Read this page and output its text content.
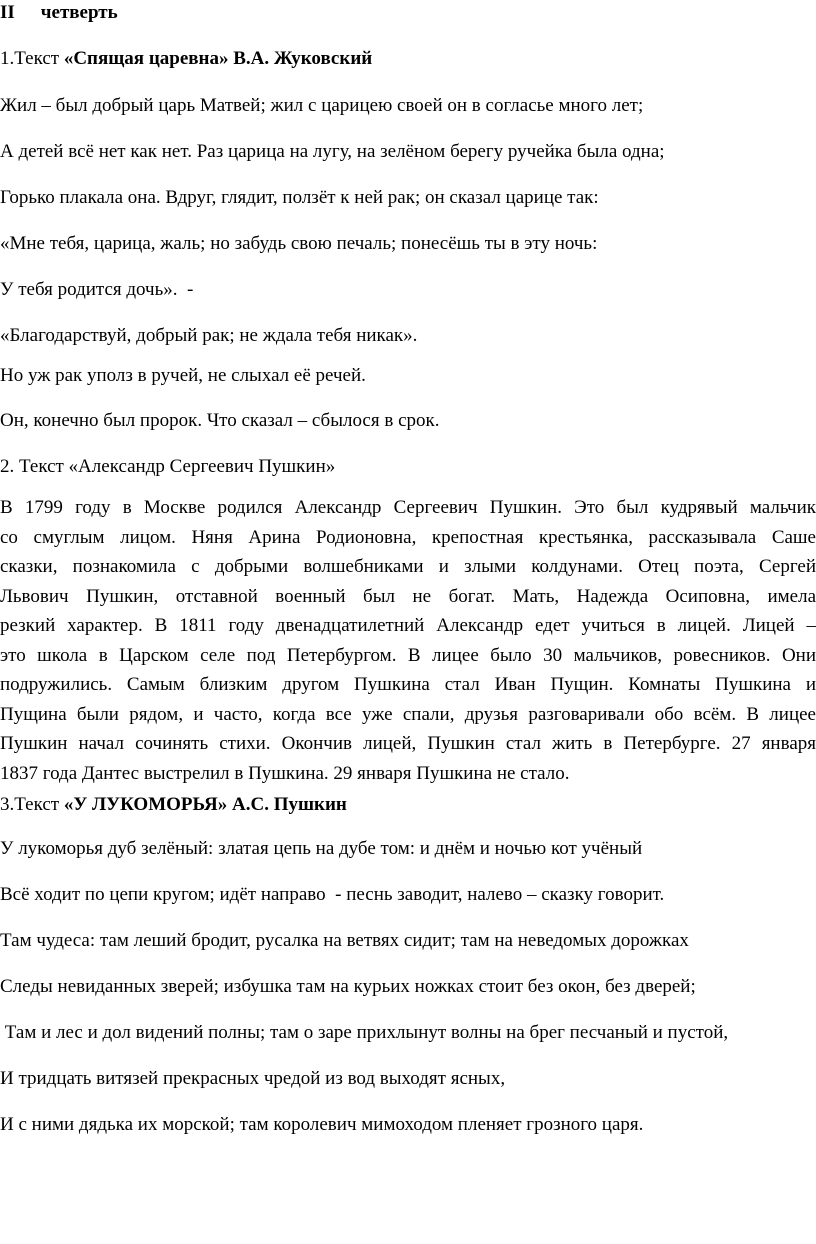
II четверть
1.Текст «Спящая царевна» В.А. Жуковский
Жил – был добрый царь Матвей; жил с царицею своей он в согласье много лет;
А детей всё нет как нет. Раз царица на лугу, на зелёном берегу ручейка была одна;
Горько плакала она. Вдруг, глядит, ползёт к ней рак; он сказал царице так:
«Мне тебя, царица, жаль; но забудь свою печаль; понесёшь ты в эту ночь:
У тебя родится дочь».  -
«Благодарствуй, добрый рак; не ждала тебя никак».
Но уж рак уполз в ручей, не слыхал её речей.
Он, конечно был пророк. Что сказал – сбылося в срок.
2. Текст «Александр Сергеевич Пушкин»
В 1799 году в Москве родился Александр Сергеевич Пушкин. Это был кудрявый мальчик
со смуглым лицом. Няня Арина Родионовна, крепостная крестьянка, рассказывала Саше
сказки, познакомила с добрыми волшебниками и злыми колдунами. Отец поэта, Сергей
Львович Пушкин, отставной военный был не богат. Мать, Надежда Осиповна, имела
резкий характер. В 1811 году двенадцатилетний Александр едет учиться в лицей. Лицей –
это школа в Царском селе под Петербургом. В лицее было 30 мальчиков, ровесников. Они
подружились. Самым близким другом Пушкина стал Иван Пущин. Комнаты Пушкина и
Пущина были рядом, и часто, когда все уже спали, друзья разговаривали обо всём. В лицее
Пушкин начал сочинять стихи. Окончив лицей, Пушкин стал жить в Петербурге. 27 января
1837 года Дантес выстрелил в Пушкина. 29 января Пушкина не стало.
3.Текст «У ЛУКОМОРЬЯ» А.С. Пушкин
У лукоморья дуб зелёный: златая цепь на дубе том: и днём и ночью кот учёный
Всё ходит по цепи кругом; идёт направо  - песнь заводит, налево – сказку говорит.
Там чудеса: там леший бродит, русалка на ветвях сидит; там на неведомых дорожках
Следы невиданных зверей; избушка там на курьих ножках стоит без окон, без дверей;
Там и лес и дол видений полны; там о заре прихлынут волны на брег песчаный и пустой,
И тридцать витязей прекрасных чредой из вод выходят ясных,
И с ними дядька их морской; там королевич мимоходом пленяет грозного царя.
